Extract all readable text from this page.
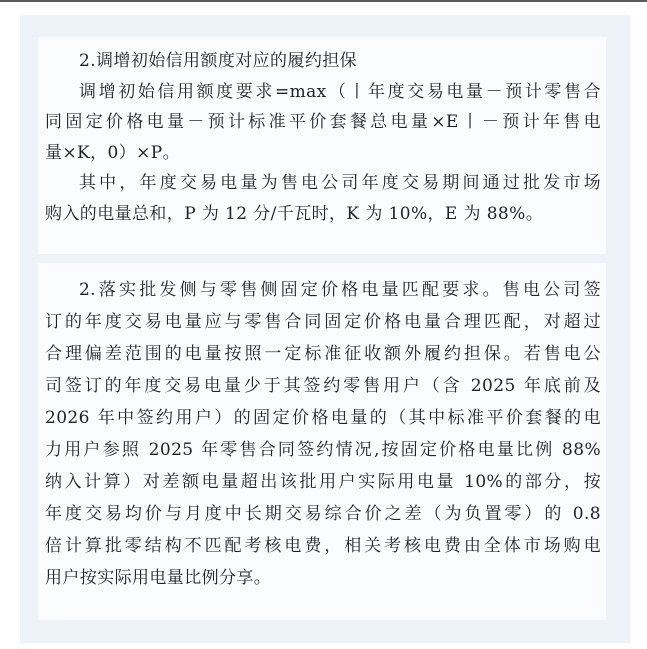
2.调增初始信用额度对应的履约担保
调增初始信用额度要求=max（丨年度交易电量－预计零售合
同固定价格电量－预计标准平价套餐总电量×E丨－预计年售电
量×K，0）×P。
其中，年度交易电量为售电公司年度交易期间通过批发市场
购入的电量总和，P 为 12 分/千瓦时，K 为 10%，E 为 88%。
2.落实批发侧与零售侧固定价格电量匹配要求。售电公司签
订的年度交易电量应与零售合同固定价格电量合理匹配，对超过
合理偏差范围的电量按照一定标准征收额外履约担保。若售电公
司签订的年度交易电量少于其签约零售用户（含 2025 年底前及
2026 年中签约用户）的固定价格电量的（其中标准平价套餐的电
力用户参照 2025 年零售合同签约情况,按固定价格电量比例 88%
纳入计算）对差额电量超出该批用户实际用电量 10%的部分，按
年度交易均价与月度中长期交易综合价之差（为负置零）的 0.8
倍计算批零结构不匹配考核电费，相关考核电费由全体市场购电
用户按实际用电量比例分享。
